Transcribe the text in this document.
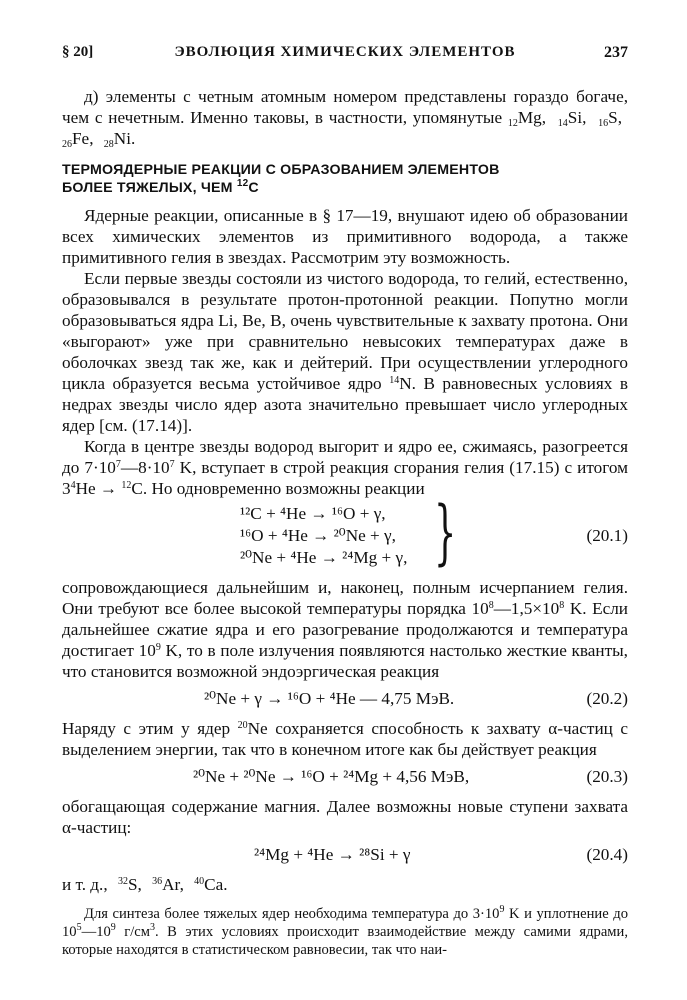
§ 20]	ЭВОЛЮЦИЯ ХИМИЧЕСКИХ ЭЛЕМЕНТОВ	237

д) элементы с четным атомным номером представлены гораздо богаче, чем с нечетным. Именно таковы, в частности, упомянутые $_{12}$Mg, $_{14}$Si, $_{16}$S, $_{26}$Fe, $_{28}$Ni.

ТЕРМОЯДЕРНЫЕ РЕАКЦИИ С ОБРАЗОВАНИЕМ ЭЛЕМЕНТОВ
БОЛЕЕ ТЯЖЕЛЫХ, ЧЕМ $^{12}$C

Ядерные реакции, описанные в § 17—19, внушают идею об образовании всех химических элементов из примитивного водорода, а также примитивного гелия в звездах. Рассмотрим эту возможность.

Если первые звезды состояли из чистого водорода, то гелий, естественно, образовывался в результате протон-протонной реакции. Попутно могли образовываться ядра Li, Be, B, очень чувствительные к захвату протона. Они «выгорают» уже при сравнительно невысоких температурах даже в оболочках звезд так же, как и дейтерий. При осуществлении углеродного цикла образуется весьма устойчивое ядро $^{14}$N. В равновесных условиях в недрах звезды число ядер азота значительно превышает число углеродных ядер [см. (17.14)].

Когда в центре звезды водород выгорит и ядро ее, сжимаясь, разогреется до $7\cdot 10^7—8\cdot 10^7$ K, вступает в строй реакция сгорания гелия (17.15) с итогом $3^4He \to ^{12}C$. Но одновременно возможны реакции

¹²C + ⁴He → ¹⁶O + γ,
¹⁶O + ⁴He → ²⁰Ne + γ,
²⁰Ne + ⁴He → ²⁴Mg + γ, }	(20.1)

сопровождающиеся дальнейшим и, наконец, полным исчерпанием гелия. Они требуют все более высокой температуры порядка $10^8—1,5\times 10^8$ K. Если дальнейшее сжатие ядра и его разогревание продолжаются и температура достигает $10^9$ K, то в поле излучения появляются настолько жесткие кванты, что становится возможной эндоэргическая реакция

²⁰Ne + γ → ¹⁶O + ⁴He — 4,75 МэВ.	(20.2)

Наряду с этим у ядер $^{20}$Ne сохраняется способность к захвату α-частиц с выделением энергии, так что в конечном итоге как бы действует реакция

²⁰Ne + ²⁰Ne → ¹⁶O + ²⁴Mg + 4,56 МэВ,	(20.3)

обогащающая содержание магния. Далее возможны новые ступени захвата α-частиц:

²⁴Mg + ⁴He → ²⁸Si + γ	(20.4)

и т. д., $^{32}$S, $^{36}$Ar, $^{40}$Ca.

Для синтеза более тяжелых ядер необходима температура до $3\cdot 10^9$ K и уплотнение до $10^5—10^9$ $г/см^3$. В этих условиях происходит взаимодействие между самими ядрами, которые находятся в статистическом равновесии, так что наи-
